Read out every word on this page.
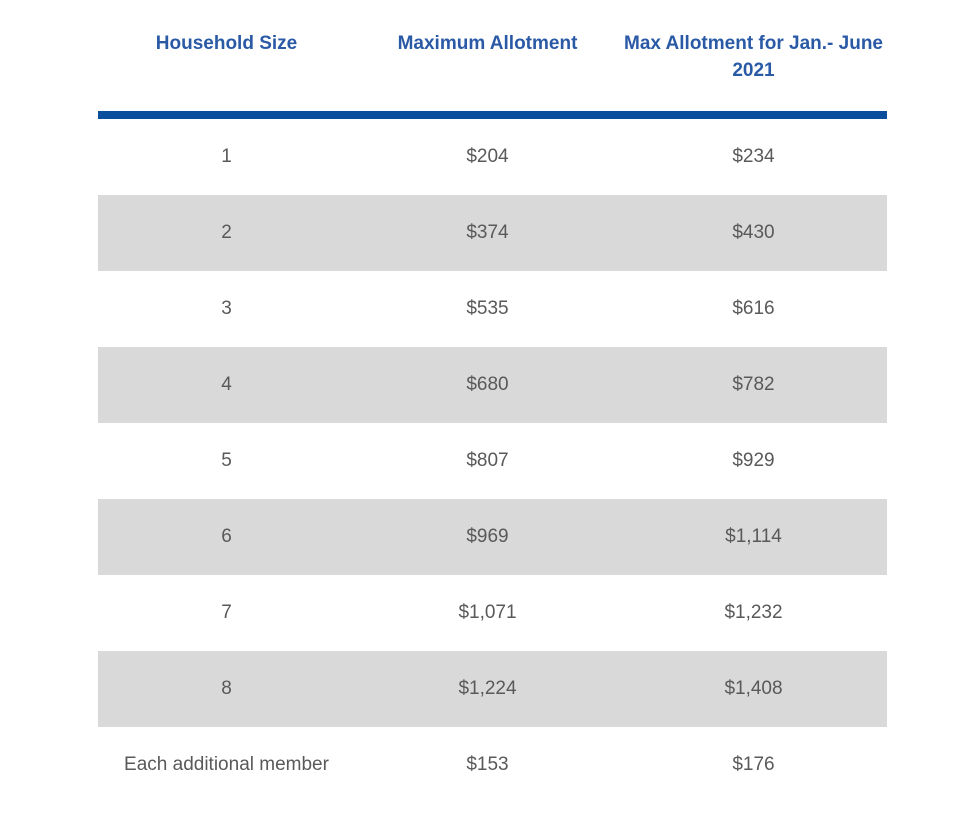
Household Size	Maximum Allotment	Max Allotment for Jan.- June 2021
1	$204	$234
2	$374	$430
3	$535	$616
4	$680	$782
5	$807	$929
6	$969	$1,114
7	$1,071	$1,232
8	$1,224	$1,408
Each additional member	$153	$176
